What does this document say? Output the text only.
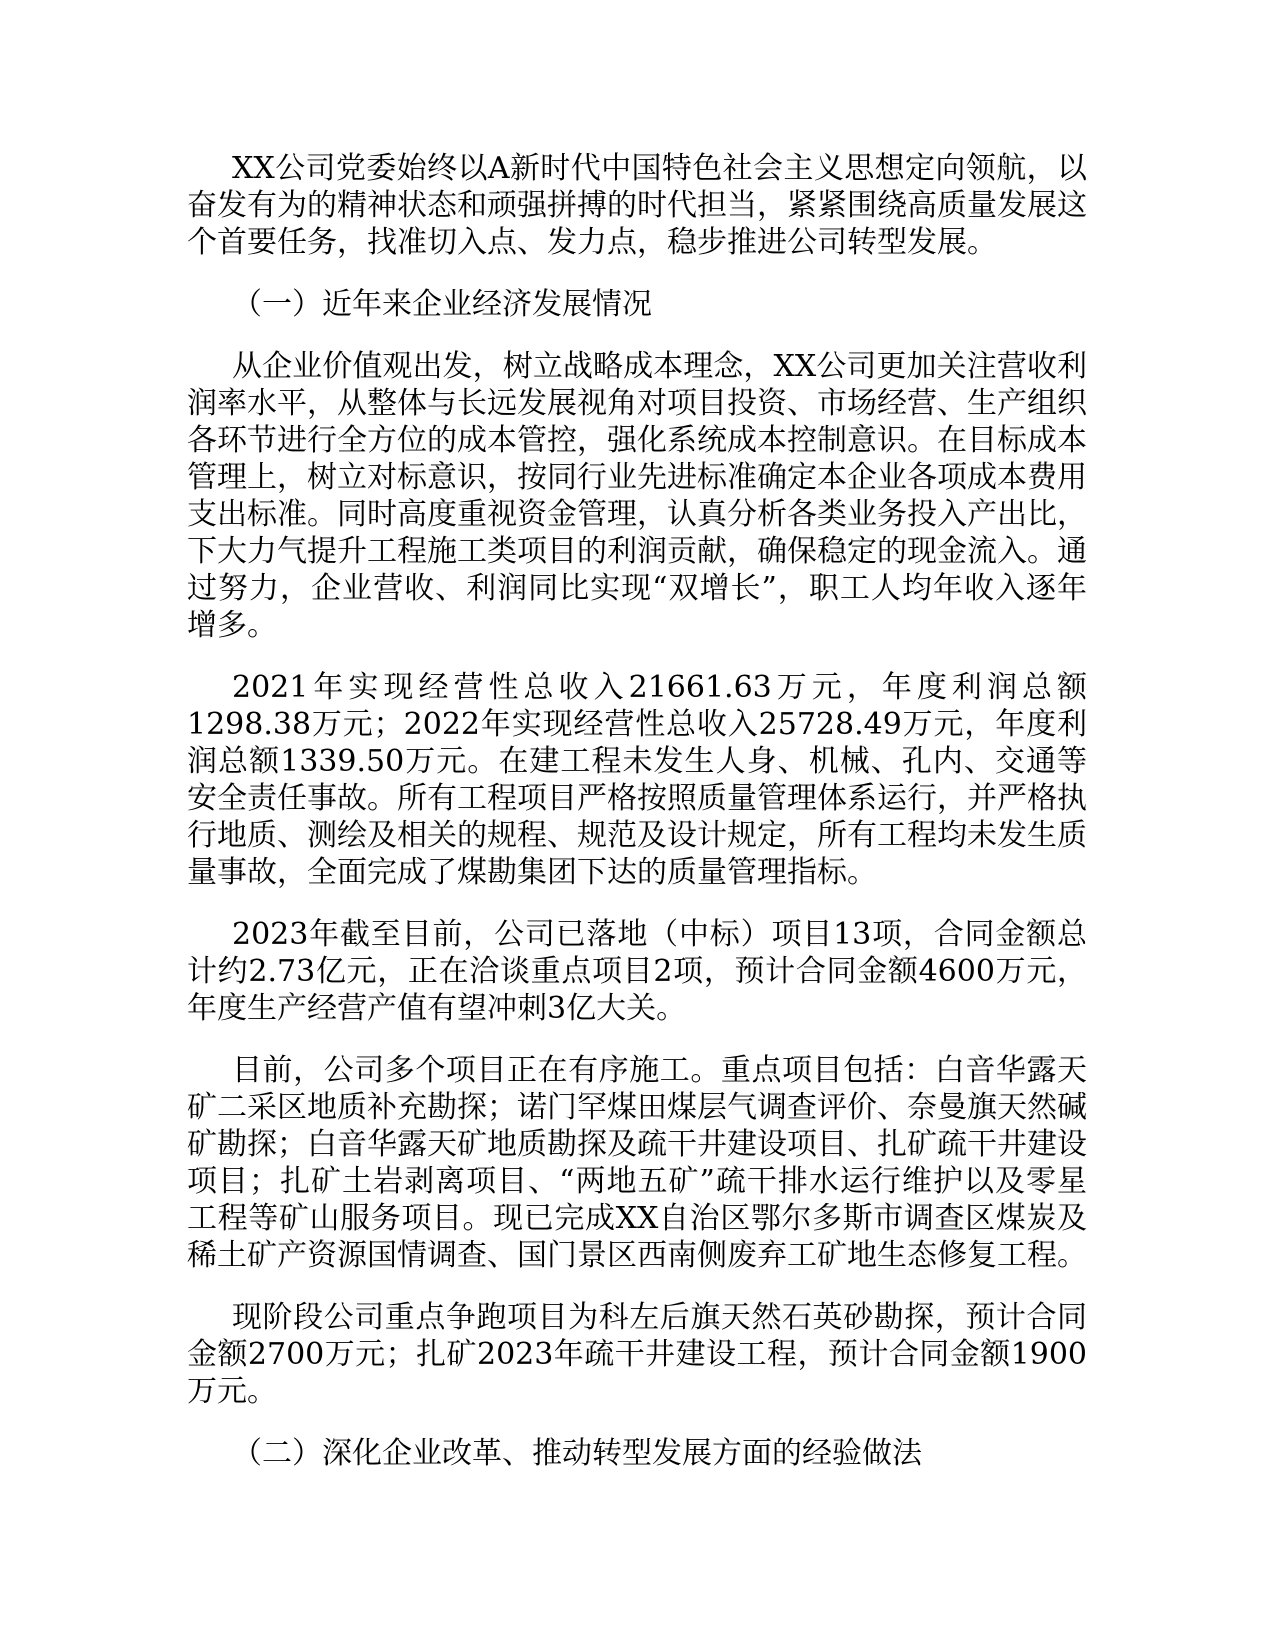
XX公司党委始终以A新时代中国特色社会主义思想定向领航，以奋发有为的精神状态和顽强拼搏的时代担当，紧紧围绕高质量发展这个首要任务，找准切入点、发力点，稳步推进公司转型发展。

（一）近年来企业经济发展情况

从企业价值观出发，树立战略成本理念，XX公司更加关注营收利润率水平，从整体与长远发展视角对项目投资、市场经营、生产组织各环节进行全方位的成本管控，强化系统成本控制意识。在目标成本管理上，树立对标意识，按同行业先进标准确定本企业各项成本费用支出标准。同时高度重视资金管理，认真分析各类业务投入产出比，下大力气提升工程施工类项目的利润贡献，确保稳定的现金流入。通过努力，企业营收、利润同比实现“双增长”，职工人均年收入逐年增多。

2021年实现经营性总收入21661.63万元，年度利润总额1298.38万元；2022年实现经营性总收入25728.49万元，年度利润总额1339.50万元。在建工程未发生人身、机械、孔内、交通等安全责任事故。所有工程项目严格按照质量管理体系运行，并严格执行地质、测绘及相关的规程、规范及设计规定，所有工程均未发生质量事故，全面完成了煤勘集团下达的质量管理指标。

2023年截至目前，公司已落地（中标）项目13项，合同金额总计约2.73亿元，正在洽谈重点项目2项，预计合同金额4600万元，年度生产经营产值有望冲刺3亿大关。

目前，公司多个项目正在有序施工。重点项目包括：白音华露天矿二采区地质补充勘探；诺门罕煤田煤层气调查评价、奈曼旗天然碱矿勘探；白音华露天矿地质勘探及疏干井建设项目、扎矿疏干井建设项目；扎矿土岩剥离项目、“两地五矿”疏干排水运行维护以及零星工程等矿山服务项目。现已完成XX自治区鄂尔多斯市调查区煤炭及稀土矿产资源国情调查、国门景区西南侧废弃工矿地生态修复工程。

现阶段公司重点争跑项目为科左后旗天然石英砂勘探，预计合同金额2700万元；扎矿2023年疏干井建设工程，预计合同金额1900万元。

（二）深化企业改革、推动转型发展方面的经验做法
